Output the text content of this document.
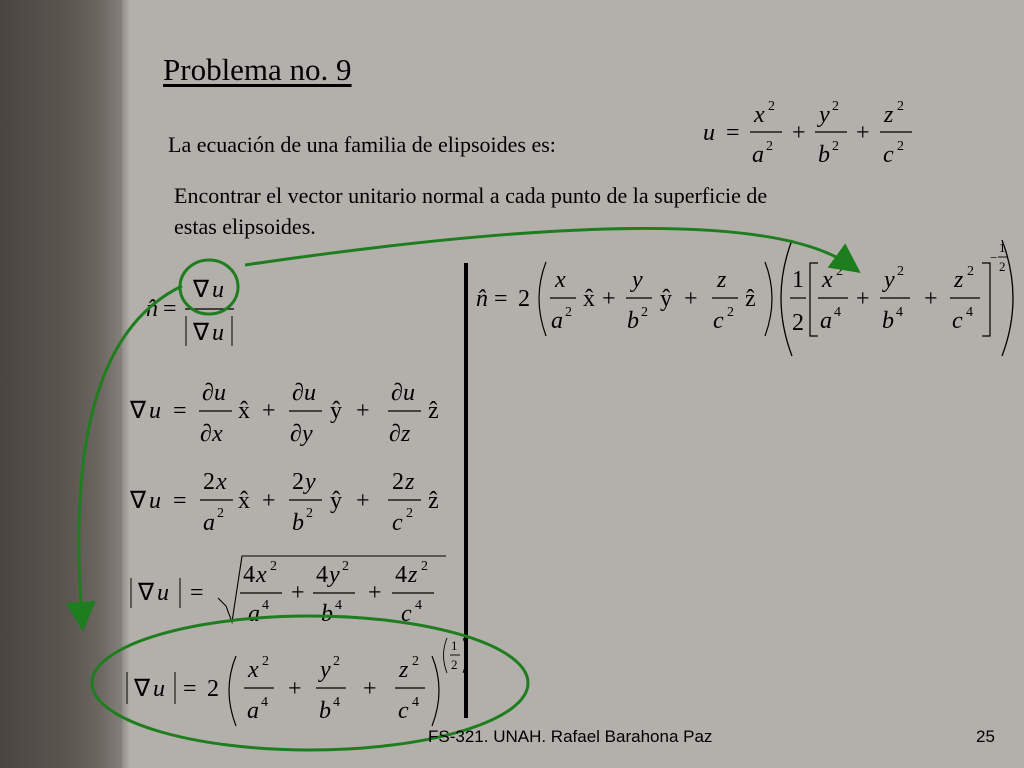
Problema no. 9
La ecuación de una familia de elipsoides es:
Encontrar el vector unitario normal a cada punto de la superficie de
estas elipsoides.
u =
x 2
a 2
+
y 2
b 2
+
z 2
c 2
n̂ =
∇ u
∇ u
∇ u =
∂ u
∂ x
x̂ +
∂ u
∂ y
ŷ +
∂ u
∂ z
ẑ
∇ u =
2 x
a 2 x̂ +
2 y
b 2 ŷ +
2 z
c 2 ẑ
∇ u =
4 x 2
a 4 +
4 y 2
b 4 +
4 z 2
c 4
∇ u = 2
x 2
a 4
+
y 2
b 4
+
z 2
c 4
1
2
n̂ = 2
x
a 2
x̂ +
y
b 2
ŷ +
z
c 2
ẑ
1
2
x 2
a 4
+
y 2
b 4
+
z 2
c 4
−
1
2
FS-321. UNAH. Rafael Barahona Paz	25
